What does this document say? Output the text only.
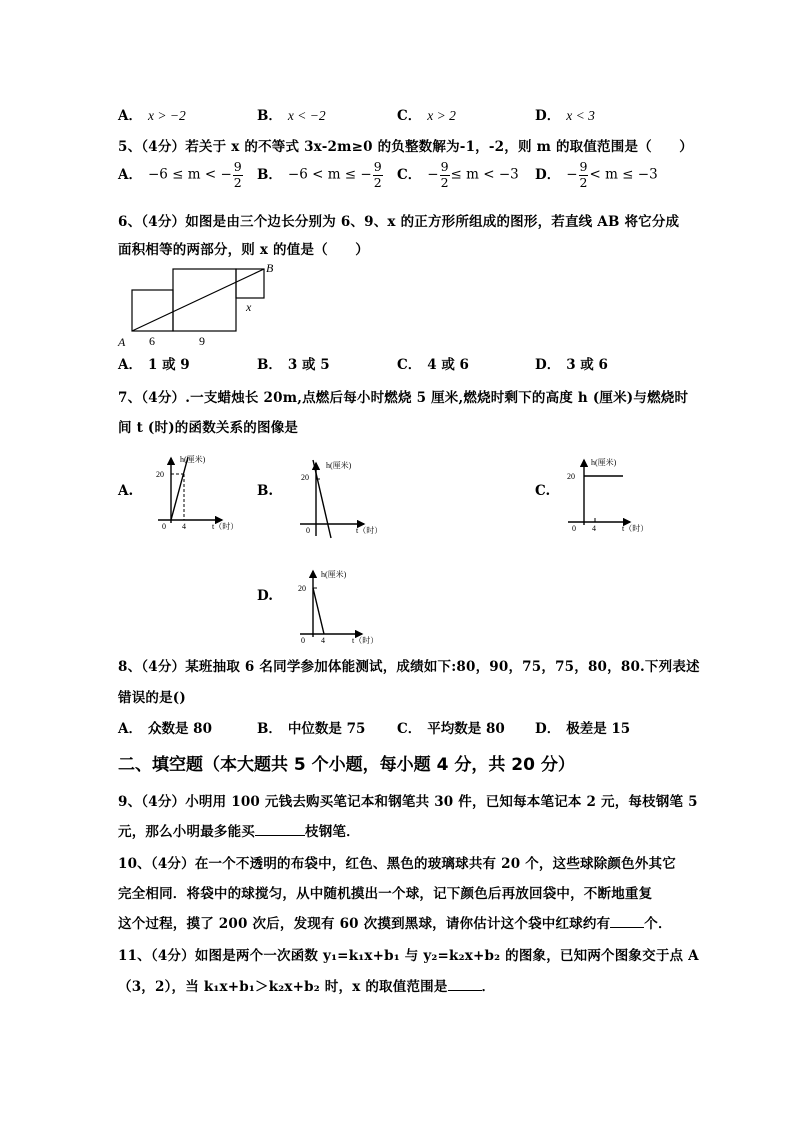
A． x > −2	B． x < −2	C． x > 2	D． x < 3
5、（4分）若关于 x 的不等式 3x-2m≥0 的负整数解为-1，-2，则 m 的取值范围是（　　）
A． −6 ≤ m < − $\frac{9}{2}$ B． −6 < m ≤ − $\frac{9}{2}$ C． − $\frac{9}{2} \le m < -3$ D． − $\frac{9}{2} < m \le -3$
6、（4分）如图是由三个边长分别为 6、9、x 的正方形所组成的图形，若直线 AB 将它分成
面积相等的两部分，则 x 的值是（　　）
A
B
6	9
x
A． 1 或 9	B． 3 或 5	C． 4 或 6	D． 3 或 6
7、（4分）.一支蜡烛长 20m,点燃后每小时燃烧 5 厘米,燃烧时剩下的高度 h (厘米)与燃烧时
间 t (时)的函数关系的图像是
A.
20
0 4
h(厘米)
t（时）
B.
20
0
h(厘米)
t（时）
C.
20
0 4
h(厘米)
t（时）
D.	20
0 4
h(厘米)
t（时）
8、（4分）某班抽取 6 名同学参加体能测试，成绩如下:80，90，75，75，80，80.下列表述
错误的是()
A． 众数是 80	B． 中位数是 75 C． 平均数是 80 D． 极差是 15
二、填空题（本大题共 5 个小题，每小题 4 分，共 20 分）
9、（4分）小明用 100 元钱去购买笔记本和钢笔共 30 件，已知每本笔记本 2 元，每枝钢笔 5
元，那么小明最多能买	枝钢笔．
10、（4分）在一个不透明的布袋中，红色、黑色的玻璃球共有 20 个，这些球除颜色外其它
完全相同．将袋中的球搅匀，从中随机摸出一个球，记下颜色后再放回袋中，不断地重复
这个过程，摸了 200 次后，发现有 60 次摸到黑球，请你估计这个袋中红球约有	个．
11、（4分）如图是两个一次函数 y₁=k₁x+b₁ 与 y₂=k₂x+b₂ 的图象，已知两个图象交于点 A
（3，2），当 k₁x+b₁＞k₂x+b₂ 时，x 的取值范围是	．
